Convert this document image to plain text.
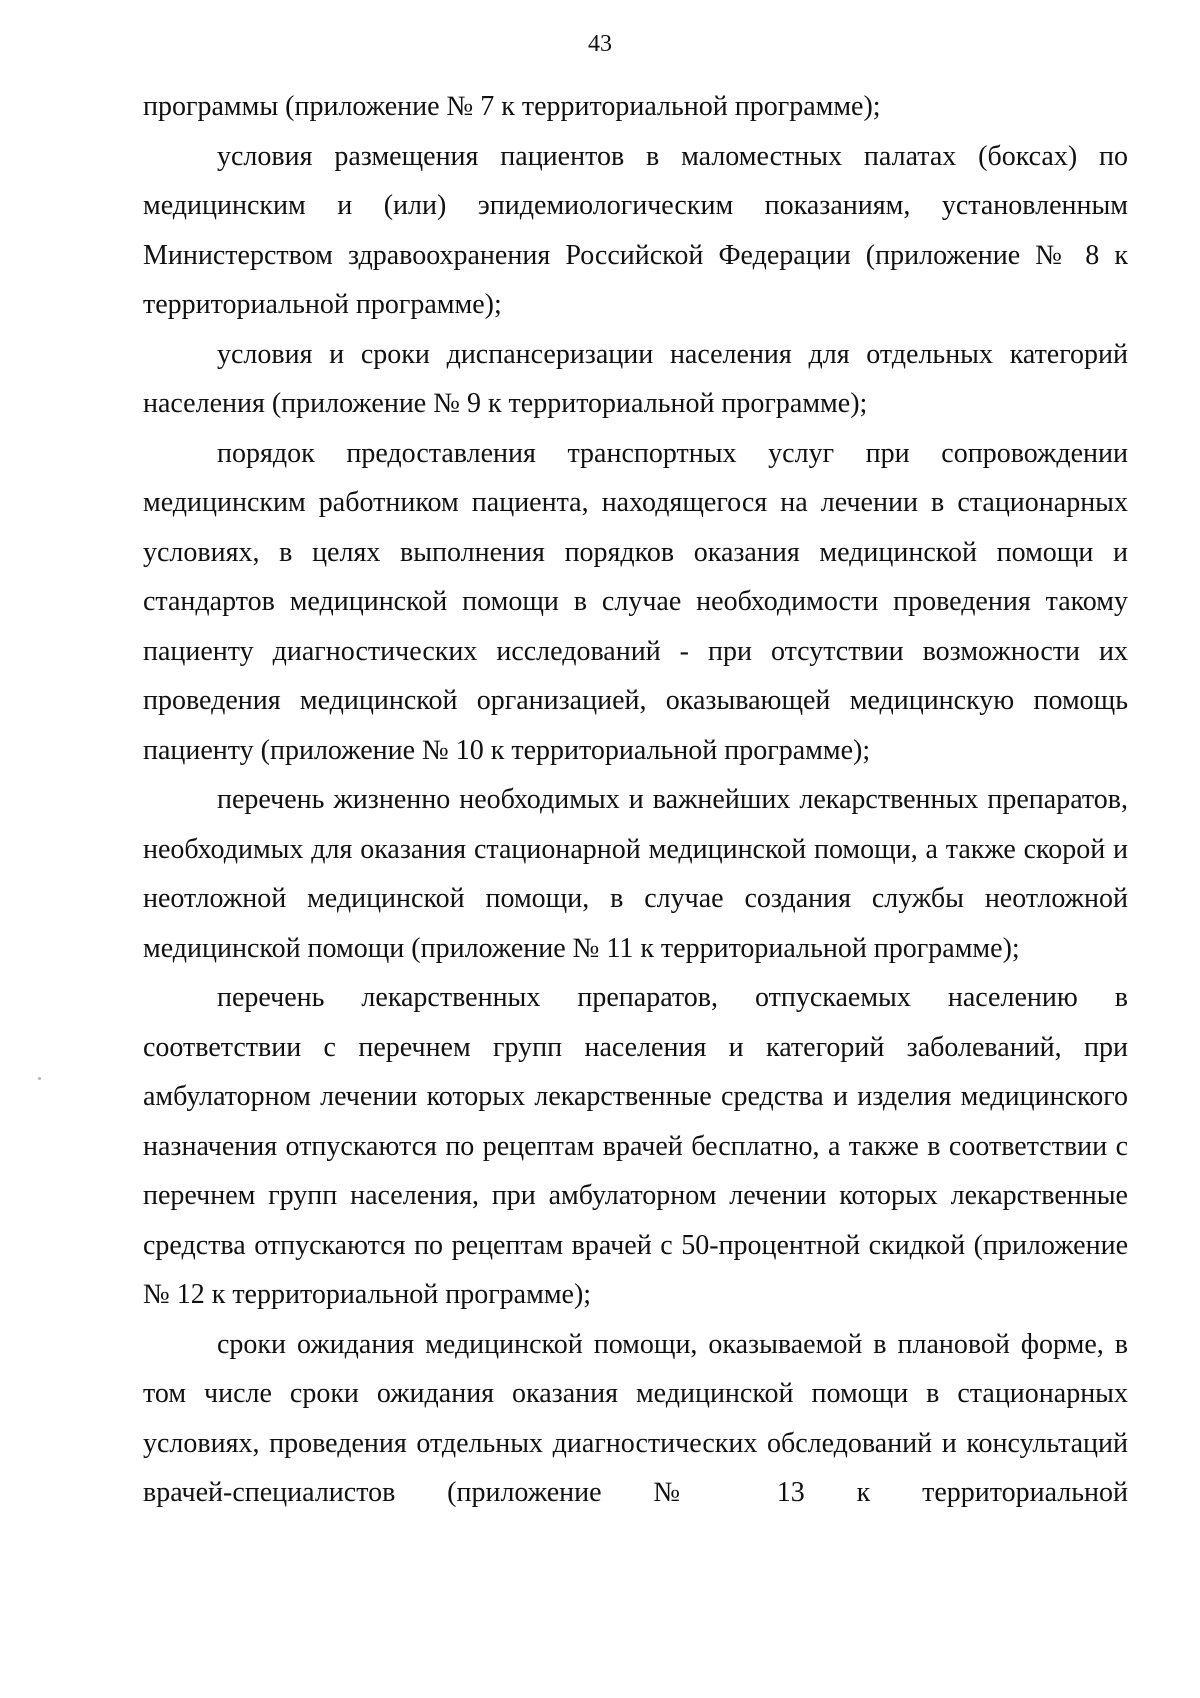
43

программы (приложение № 7 к территориальной программе);

условия размещения пациентов в маломестных палатах (боксах) по медицинским и (или) эпидемиологическим показаниям, установленным Министерством здравоохранения Российской Федерации (приложение № 8 к территориальной программе);

условия и сроки диспансеризации населения для отдельных категорий населения (приложение № 9 к территориальной программе);

порядок предоставления транспортных услуг при сопровождении медицинским работником пациента, находящегося на лечении в стационарных условиях, в целях выполнения порядков оказания медицинской помощи и стандартов медицинской помощи в случае необходимости проведения такому пациенту диагностических исследований - при отсутствии возможности их проведения медицинской организацией, оказывающей медицинскую помощь пациенту (приложение № 10 к территориальной программе);

перечень жизненно необходимых и важнейших лекарственных препаратов, необходимых для оказания стационарной медицинской помощи, а также скорой и неотложной медицинской помощи, в случае создания службы неотложной медицинской помощи (приложение № 11 к территориальной программе);

перечень лекарственных препаратов, отпускаемых населению в соответствии с перечнем групп населения и категорий заболеваний, при амбулаторном лечении которых лекарственные средства и изделия медицинского назначения отпускаются по рецептам врачей бесплатно, а также в соответствии с перечнем групп населения, при амбулаторном лечении которых лекарственные средства отпускаются по рецептам врачей с 50-процентной скидкой (приложение № 12 к территориальной программе);

сроки ожидания медицинской помощи, оказываемой в плановой форме, в том числе сроки ожидания оказания медицинской помощи в стационарных условиях, проведения отдельных диагностических обследований и консультаций врачей-специалистов (приложение № 13 к территориальной
